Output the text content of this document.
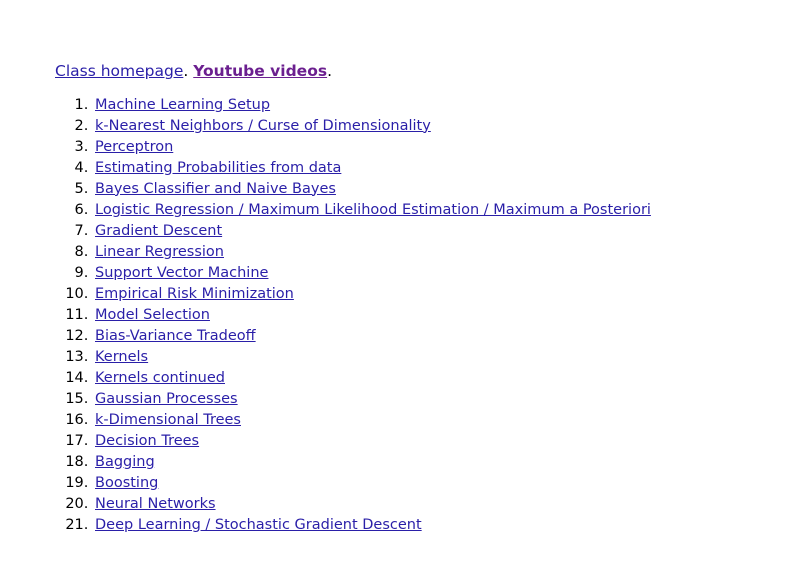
Class homepage. Youtube videos.

1. Machine Learning Setup
2. k-Nearest Neighbors / Curse of Dimensionality
3. Perceptron
4. Estimating Probabilities from data
5. Bayes Classifier and Naive Bayes
6. Logistic Regression / Maximum Likelihood Estimation / Maximum a Posteriori
7. Gradient Descent
8. Linear Regression
9. Support Vector Machine
10. Empirical Risk Minimization
11. Model Selection
12. Bias-Variance Tradeoff
13. Kernels
14. Kernels continued
15. Gaussian Processes
16. k-Dimensional Trees
17. Decision Trees
18. Bagging
19. Boosting
20. Neural Networks
21. Deep Learning / Stochastic Gradient Descent
